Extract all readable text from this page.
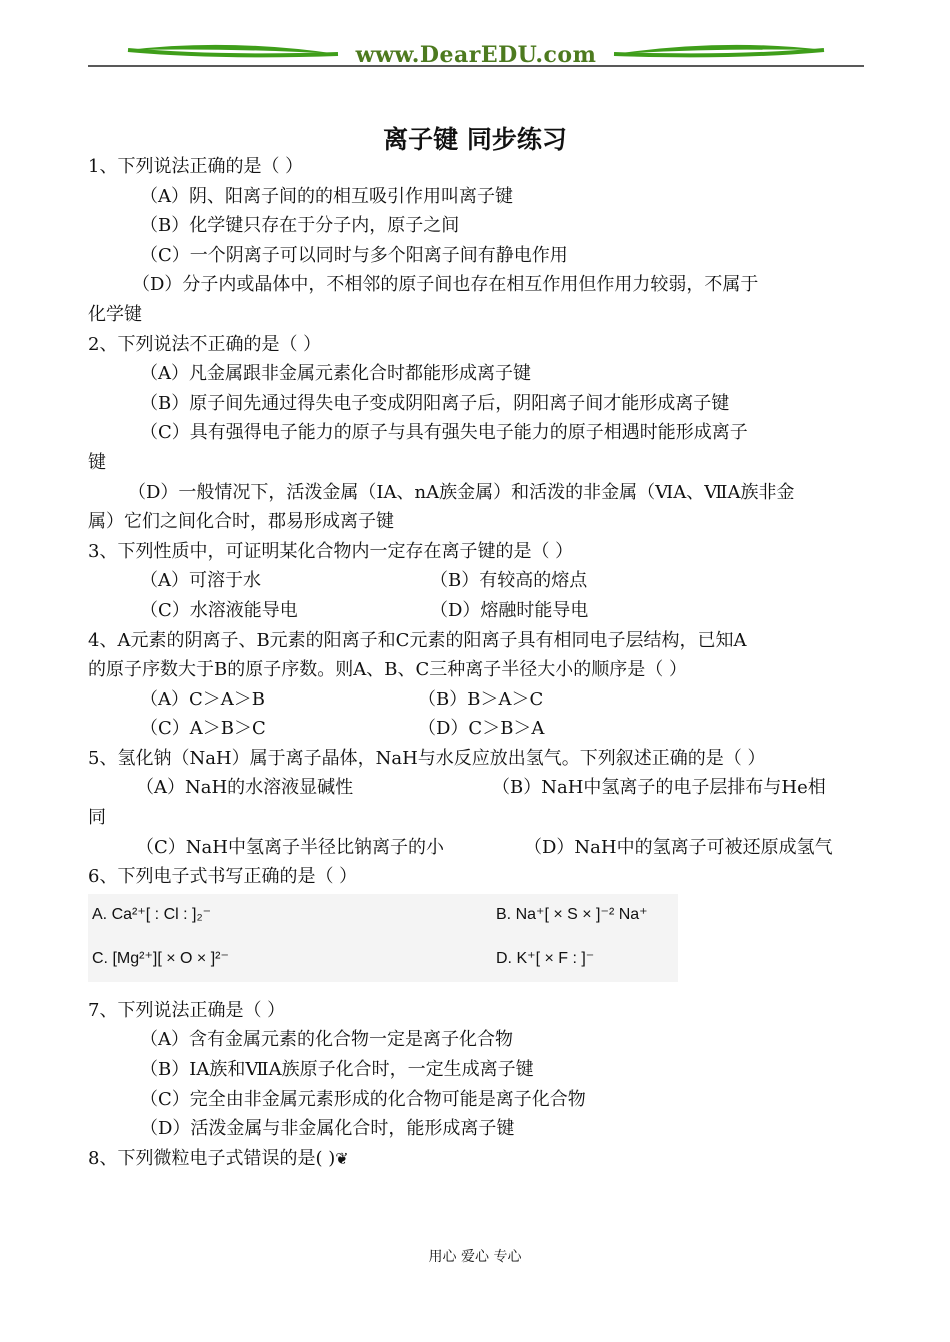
www.DearEDU.com
离子键 同步练习
1、下列说法正确的是（ ）
（A）阴、阳离子间的的相互吸引作用叫离子键
（B）化学键只存在于分子内，原子之间
（C）一个阴离子可以同时与多个阳离子间有静电作用
（D）分子内或晶体中，不相邻的原子间也存在相互作用但作用力较弱，不属于
化学键
2、下列说法不正确的是（ ）
（A）凡金属跟非金属元素化合时都能形成离子键
（B）原子间先通过得失电子变成阴阳离子后，阴阳离子间才能形成离子键
（C）具有强得电子能力的原子与具有强失电子能力的原子相遇时能形成离子
键
（D）一般情况下，活泼金属（IA、nA族金属）和活泼的非金属（ⅥA、ⅦA族非金
属）它们之间化合时，郡易形成离子键
3、下列性质中，可证明某化合物内一定存在离子键的是（ ）
（A）可溶于水	（B）有较高的熔点
（C）水溶液能导电	（D）熔融时能导电
4、A元素的阴离子、B元素的阳离子和C元素的阳离子具有相同电子层结构，已知A
的原子序数大于B的原子序数。则A、B、C三种离子半径大小的顺序是（ ）
（A）C＞A＞B	（B）B＞A＞C
（C）A＞B＞C	（D）C＞B＞A
5、氢化钠（NaH）属于离子晶体，NaH与水反应放出氢气。下列叙述正确的是（ ）
（A）NaH的水溶液显碱性	（B）NaH中氢离子的电子层排布与He相
同
（C）NaH中氢离子半径比钠离子的小	（D）NaH中的氢离子可被还原成氢气
6、下列电子式书写正确的是（ ）
A. Ca²⁺[ : Cl : ]₂⁻	B. Na⁺[ × S × ]⁻² Na⁺
C. [Mg²⁺][ × O × ]²⁻	D. K⁺[ × F : ]⁻
7、下列说法正确是（ ）
（A）含有金属元素的化合物一定是离子化合物
（B）ⅠA族和ⅦA族原子化合时，一定生成离子键
（C）完全由非金属元素形成的化合物可能是离子化合物
（D）活泼金属与非金属化合时，能形成离子键
8、下列微粒电子式错误的是( )❦
用心 爱心 专心
